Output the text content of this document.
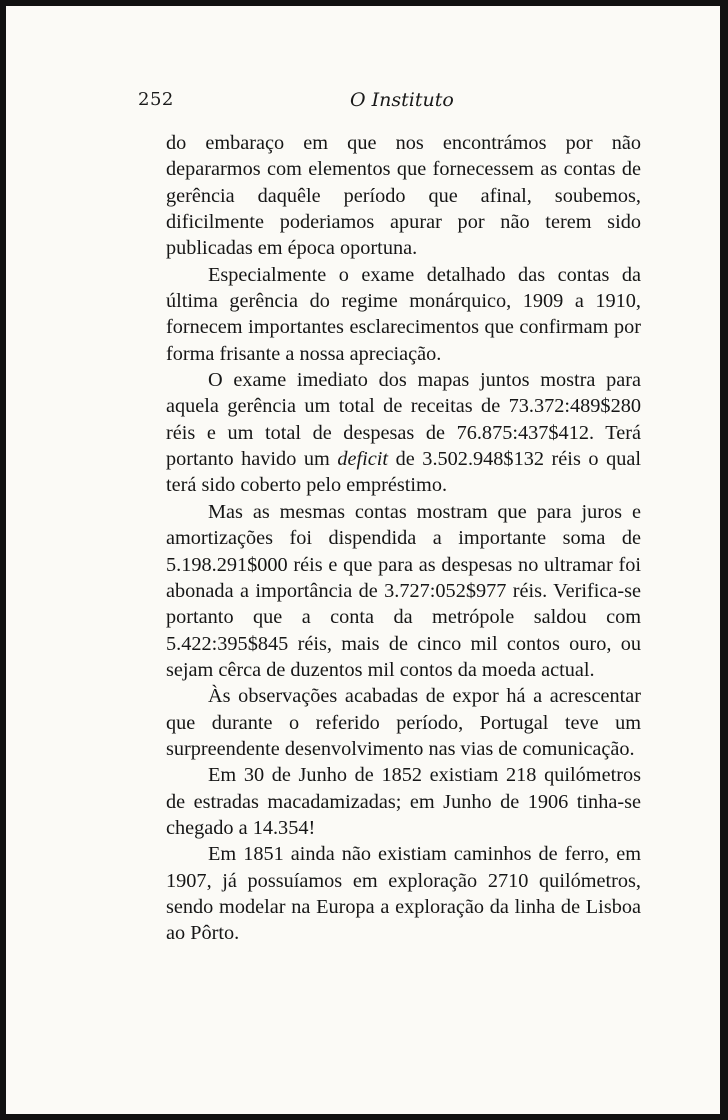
252	O Instituto

do embaraço em que nos encontrámos por não depararmos com elementos que fornecessem as contas de gerência daquêle período que afinal, soubemos, dificilmente poderiamos apurar por não terem sido publicadas em época oportuna.

Especialmente o exame detalhado das contas da última gerência do regime monárquico, 1909 a 1910, fornecem importantes esclarecimentos que confirmam por forma frisante a nossa apreciação.

O exame imediato dos mapas juntos mostra para aquela gerência um total de receitas de 73.372:489$280 réis e um total de despesas de 76.875:437$412. Terá portanto havido um deficit de 3.502.948$132 réis o qual terá sido coberto pelo empréstimo.

Mas as mesmas contas mostram que para juros e amortizações foi dispendida a importante soma de 5.198.291$000 réis e que para as despesas no ultramar foi abonada a importância de 3.727:052$977 réis. Verifica-se portanto que a conta da metrópole saldou com 5.422:395$845 réis, mais de cinco mil contos ouro, ou sejam cêrca de duzentos mil contos da moeda actual.

Às observações acabadas de expor há a acrescentar que durante o referido período, Portugal teve um surpreendente desenvolvimento nas vias de comunicação.

Em 30 de Junho de 1852 existiam 218 quilómetros de estradas macadamizadas; em Junho de 1906 tinha-se chegado a 14.354!

Em 1851 ainda não existiam caminhos de ferro, em 1907, já possuíamos em exploração 2710 quilómetros, sendo modelar na Europa a exploração da linha de Lisboa ao Pôrto.
